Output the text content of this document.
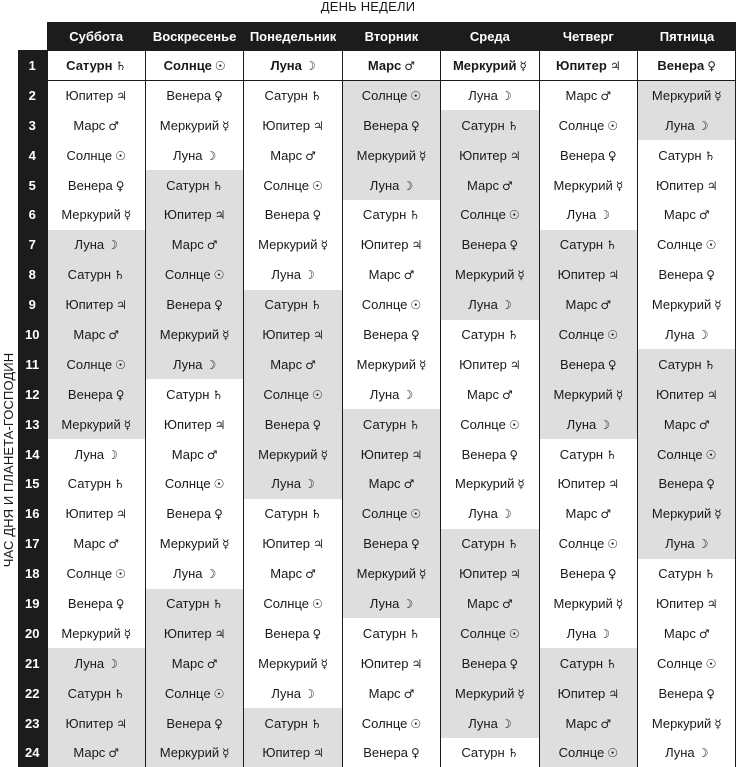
ДЕНЬ НЕДЕЛИ
ЧАС ДНЯ И ПЛАНЕТА-ГОСПОДИН
	Суббота	Воскресенье	Понедельник	Вторник	Среда	Четверг	Пятница
1	Сатурн ♄	Солнце ☉	Луна ☽	Марс ♂	Меркурий ☿	Юпитер ♃	Венера ♀
2	Юпитер ♃	Венера ♀	Сатурн ♄	Солнце ☉	Луна ☽	Марс ♂	Меркурий ☿
3	Марс ♂	Меркурий ☿	Юпитер ♃	Венера ♀	Сатурн ♄	Солнце ☉	Луна ☽
4	Солнце ☉	Луна ☽	Марс ♂	Меркурий ☿	Юпитер ♃	Венера ♀	Сатурн ♄
5	Венера ♀	Сатурн ♄	Солнце ☉	Луна ☽	Марс ♂	Меркурий ☿	Юпитер ♃
6	Меркурий ☿	Юпитер ♃	Венера ♀	Сатурн ♄	Солнце ☉	Луна ☽	Марс ♂
7	Луна ☽	Марс ♂	Меркурий ☿	Юпитер ♃	Венера ♀	Сатурн ♄	Солнце ☉
8	Сатурн ♄	Солнце ☉	Луна ☽	Марс ♂	Меркурий ☿	Юпитер ♃	Венера ♀
9	Юпитер ♃	Венера ♀	Сатурн ♄	Солнце ☉	Луна ☽	Марс ♂	Меркурий ☿
10	Марс ♂	Меркурий ☿	Юпитер ♃	Венера ♀	Сатурн ♄	Солнце ☉	Луна ☽
11	Солнце ☉	Луна ☽	Марс ♂	Меркурий ☿	Юпитер ♃	Венера ♀	Сатурн ♄
12	Венера ♀	Сатурн ♄	Солнце ☉	Луна ☽	Марс ♂	Меркурий ☿	Юпитер ♃
13	Меркурий ☿	Юпитер ♃	Венера ♀	Сатурн ♄	Солнце ☉	Луна ☽	Марс ♂
14	Луна ☽	Марс ♂	Меркурий ☿	Юпитер ♃	Венера ♀	Сатурн ♄	Солнце ☉
15	Сатурн ♄	Солнце ☉	Луна ☽	Марс ♂	Меркурий ☿	Юпитер ♃	Венера ♀
16	Юпитер ♃	Венера ♀	Сатурн ♄	Солнце ☉	Луна ☽	Марс ♂	Меркурий ☿
17	Марс ♂	Меркурий ☿	Юпитер ♃	Венера ♀	Сатурн ♄	Солнце ☉	Луна ☽
18	Солнце ☉	Луна ☽	Марс ♂	Меркурий ☿	Юпитер ♃	Венера ♀	Сатурн ♄
19	Венера ♀	Сатурн ♄	Солнце ☉	Луна ☽	Марс ♂	Меркурий ☿	Юпитер ♃
20	Меркурий ☿	Юпитер ♃	Венера ♀	Сатурн ♄	Солнце ☉	Луна ☽	Марс ♂
21	Луна ☽	Марс ♂	Меркурий ☿	Юпитер ♃	Венера ♀	Сатурн ♄	Солнце ☉
22	Сатурн ♄	Солнце ☉	Луна ☽	Марс ♂	Меркурий ☿	Юпитер ♃	Венера ♀
23	Юпитер ♃	Венера ♀	Сатурн ♄	Солнце ☉	Луна ☽	Марс ♂	Меркурий ☿
24	Марс ♂	Меркурий ☿	Юпитер ♃	Венера ♀	Сатурн ♄	Солнце ☉	Луна ☽
